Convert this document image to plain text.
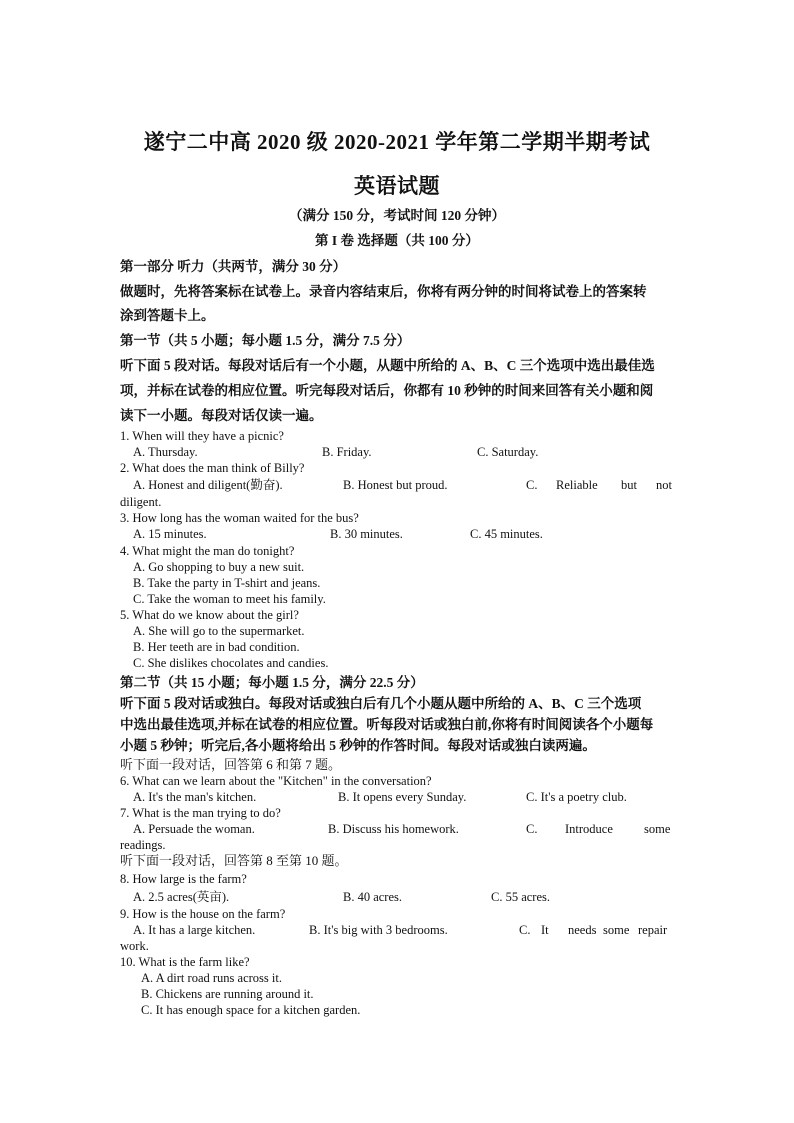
遂宁二中高 2020 级 2020-2021 学年第二学期半期考试
英语试题
（满分 150 分，考试时间 120 分钟）
第 I 卷 选择题（共 100 分）
第一部分 听力（共两节，满分 30 分）
做题时，先将答案标在试卷上。录音内容结束后，你将有两分钟的时间将试卷上的答案转
涂到答题卡上。
第一节（共 5 小题；每小题 1.5 分，满分 7.5 分）
听下面 5 段对话。每段对话后有一个小题，从题中所给的 A、B、C 三个选项中选出最佳选
项，并标在试卷的相应位置。听完每段对话后，你都有 10 秒钟的时间来回答有关小题和阅
读下一小题。每段对话仅读一遍。
1. When will they have a picnic?
A. Thursday.	B. Friday.	C. Saturday.
2. What does the man think of Billy?
A. Honest and diligent(勤奋).	B. Honest but proud.	C. Reliable but not
diligent.
3. How long has the woman waited for the bus?
A. 15 minutes.	B. 30 minutes.	C. 45 minutes.
4. What might the man do tonight?
A. Go shopping to buy a new suit.
B. Take the party in T-shirt and jeans.
C. Take the woman to meet his family.
5. What do we know about the girl?
A. She will go to the supermarket.
B. Her teeth are in bad condition.
C. She dislikes chocolates and candies.
第二节（共 15 小题；每小题 1.5 分，满分 22.5 分）
听下面 5 段对话或独白。每段对话或独白后有几个小题从题中所给的 A、B、C 三个选项
中选出最佳选项,并标在试卷的相应位置。听每段对话或独白前,你将有时间阅读各个小题每
小题 5 秒钟；听完后,各小题将给出 5 秒钟的作答时间。每段对话或独白读两遍。
听下面一段对话，回答第 6 和第 7 题。
6. What can we learn about the "Kitchen" in the conversation?
A. It's the man's kitchen.	B. It opens every Sunday.	C. It's a poetry club.
7. What is the man trying to do?
A. Persuade the woman.	B. Discuss his homework.	C. Introduce some
readings.
听下面一段对话，回答第 8 至第 10 题。
8. How large is the farm?
A. 2.5 acres(英亩).	B. 40 acres.	C. 55 acres.
9. How is the house on the farm?
A. It has a large kitchen.	B. It's big with 3 bedrooms.	C. It needs some repair
work.
10. What is the farm like?
A. A dirt road runs across it.
B. Chickens are running around it.
C. It has enough space for a kitchen garden.
